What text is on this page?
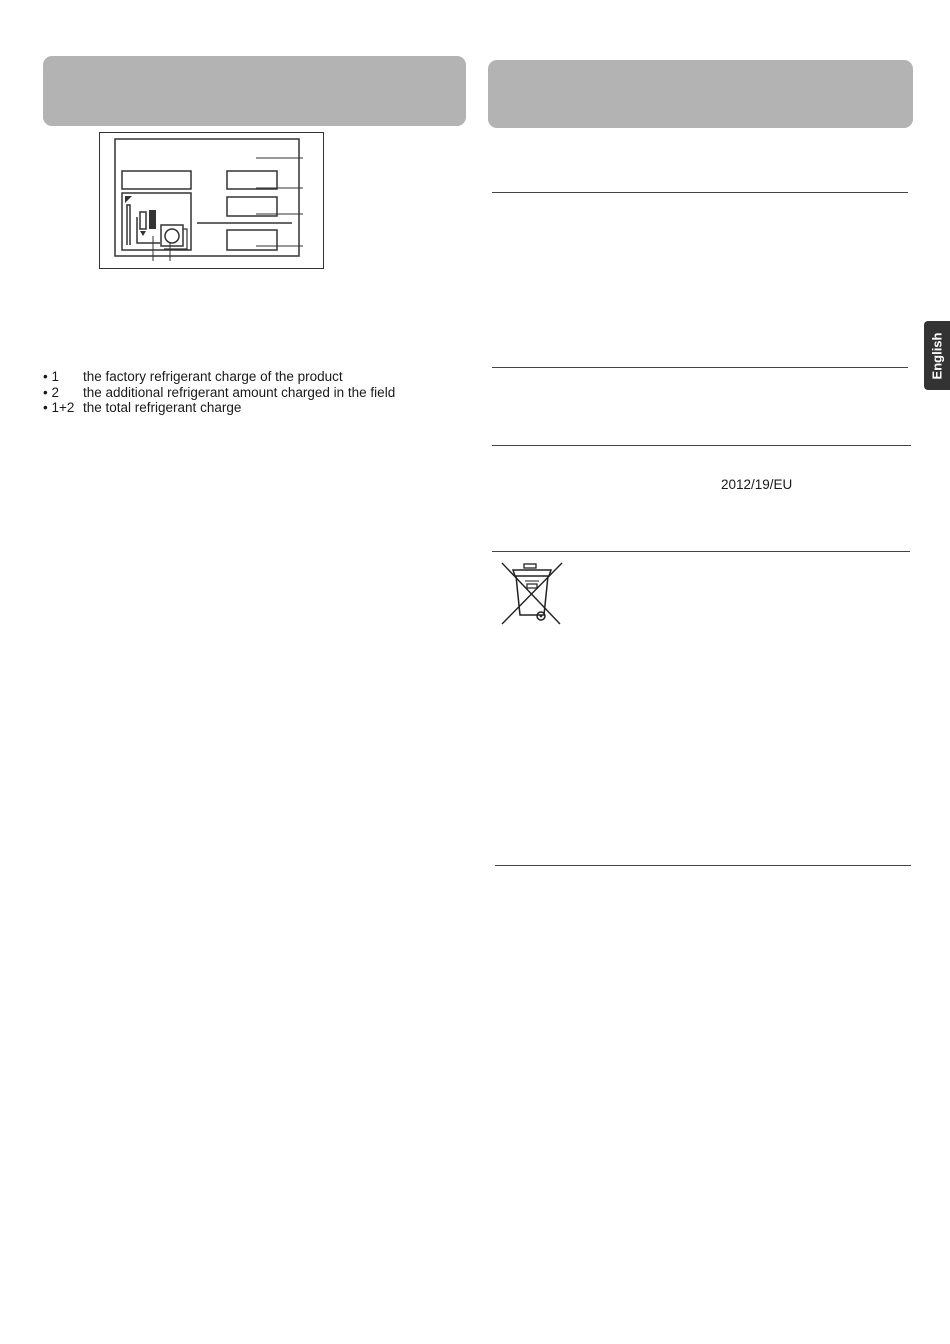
• 1 the factory refrigerant charge of the product
• 2 the additional refrigerant amount charged in the field
• 1+2 the total refrigerant charge
2012/19/EU
English
